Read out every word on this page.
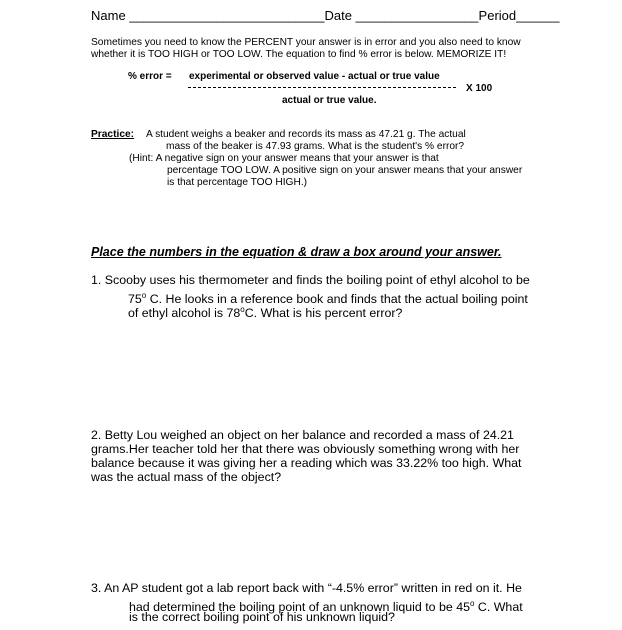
Name ___________________________Date _________________Period______
Sometimes you need to know the PERCENT your answer is in error and you also need to know
whether it is TOO HIGH or TOO LOW. The equation to find % error is below. MEMORIZE IT!
% error = experimental or observed value - actual or true value
X 100
actual or true value.
Practice: A student weighs a beaker and records its mass as 47.21 g. The actual
mass of the beaker is 47.93 grams. What is the student's % error?
(Hint: A negative sign on your answer means that your answer is that
percentage TOO LOW. A positive sign on your answer means that your answer
is that percentage TOO HIGH.)
Place the numbers in the equation & draw a box around your answer.
1. Scooby uses his thermometer and finds the boiling point of ethyl alcohol to be
75$^o$ C. He looks in a reference book and finds that the actual boiling point
of ethyl alcohol is 78$^o$C. What is his percent error?
2. Betty Lou weighed an object on her balance and recorded a mass of 24.21
grams.Her teacher told her that there was obviously something wrong with her
balance because it was giving her a reading which was 33.22% too high. What
was the actual mass of the object?
3. An AP student got a lab report back with “-4.5% error” written in red on it. He
had determined the boiling point of an unknown liquid to be 45$^o$ C. What
is the correct boiling point of his unknown liquid?
